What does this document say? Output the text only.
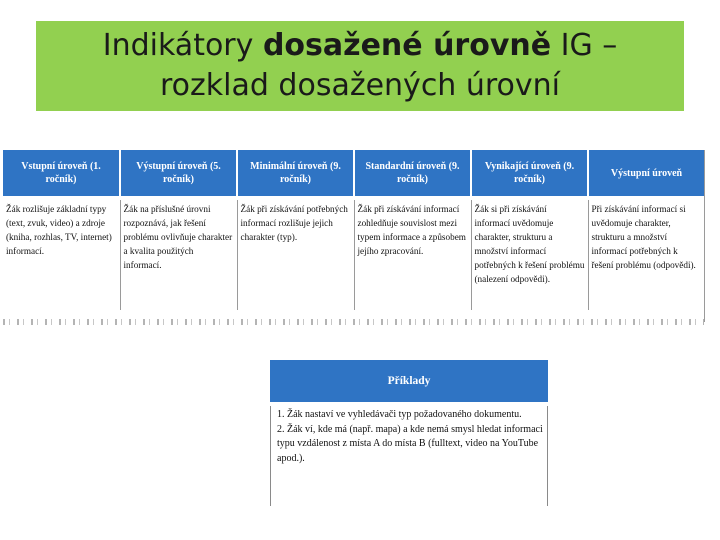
Indikátory dosažené úrovně IG –
rozklad dosažených úrovní
Vstupní úroveň (1. ročník)	Výstupní úroveň (5. ročník)	Minimální úroveň (9. ročník)	Standardní úroveň (9. ročník)	Vynikající úroveň (9. ročník)	Výstupní úroveň

Žák rozlišuje základní typy (text, zvuk, video) a zdroje (kniha, rozhlas, TV, internet) informací.	Žák na příslušné úrovni rozpoznává, jak řešení problému ovlivňuje charakter a kvalita použitých informací.	Žák při získávání potřebných informací rozlišuje jejich charakter (typ).	Žák při získávání informací zohledňuje souvislost mezi typem informace a způsobem jejího zpracování.	Žák si při získávání informací uvědomuje charakter, strukturu a množství informací potřebných k řešení problému (nalezení odpovědi).	Při získávání informací si uvědomuje charakter, strukturu a množství informací potřebných k řešení problému (odpovědi).
Příklady

1. Žák nastaví ve vyhledávači typ požadovaného dokumentu.

2. Žák ví, kde má (např. mapa) a kde nemá smysl hledat informaci typu vzdálenost z místa A do místa B (fulltext, video na YouTube apod.).
